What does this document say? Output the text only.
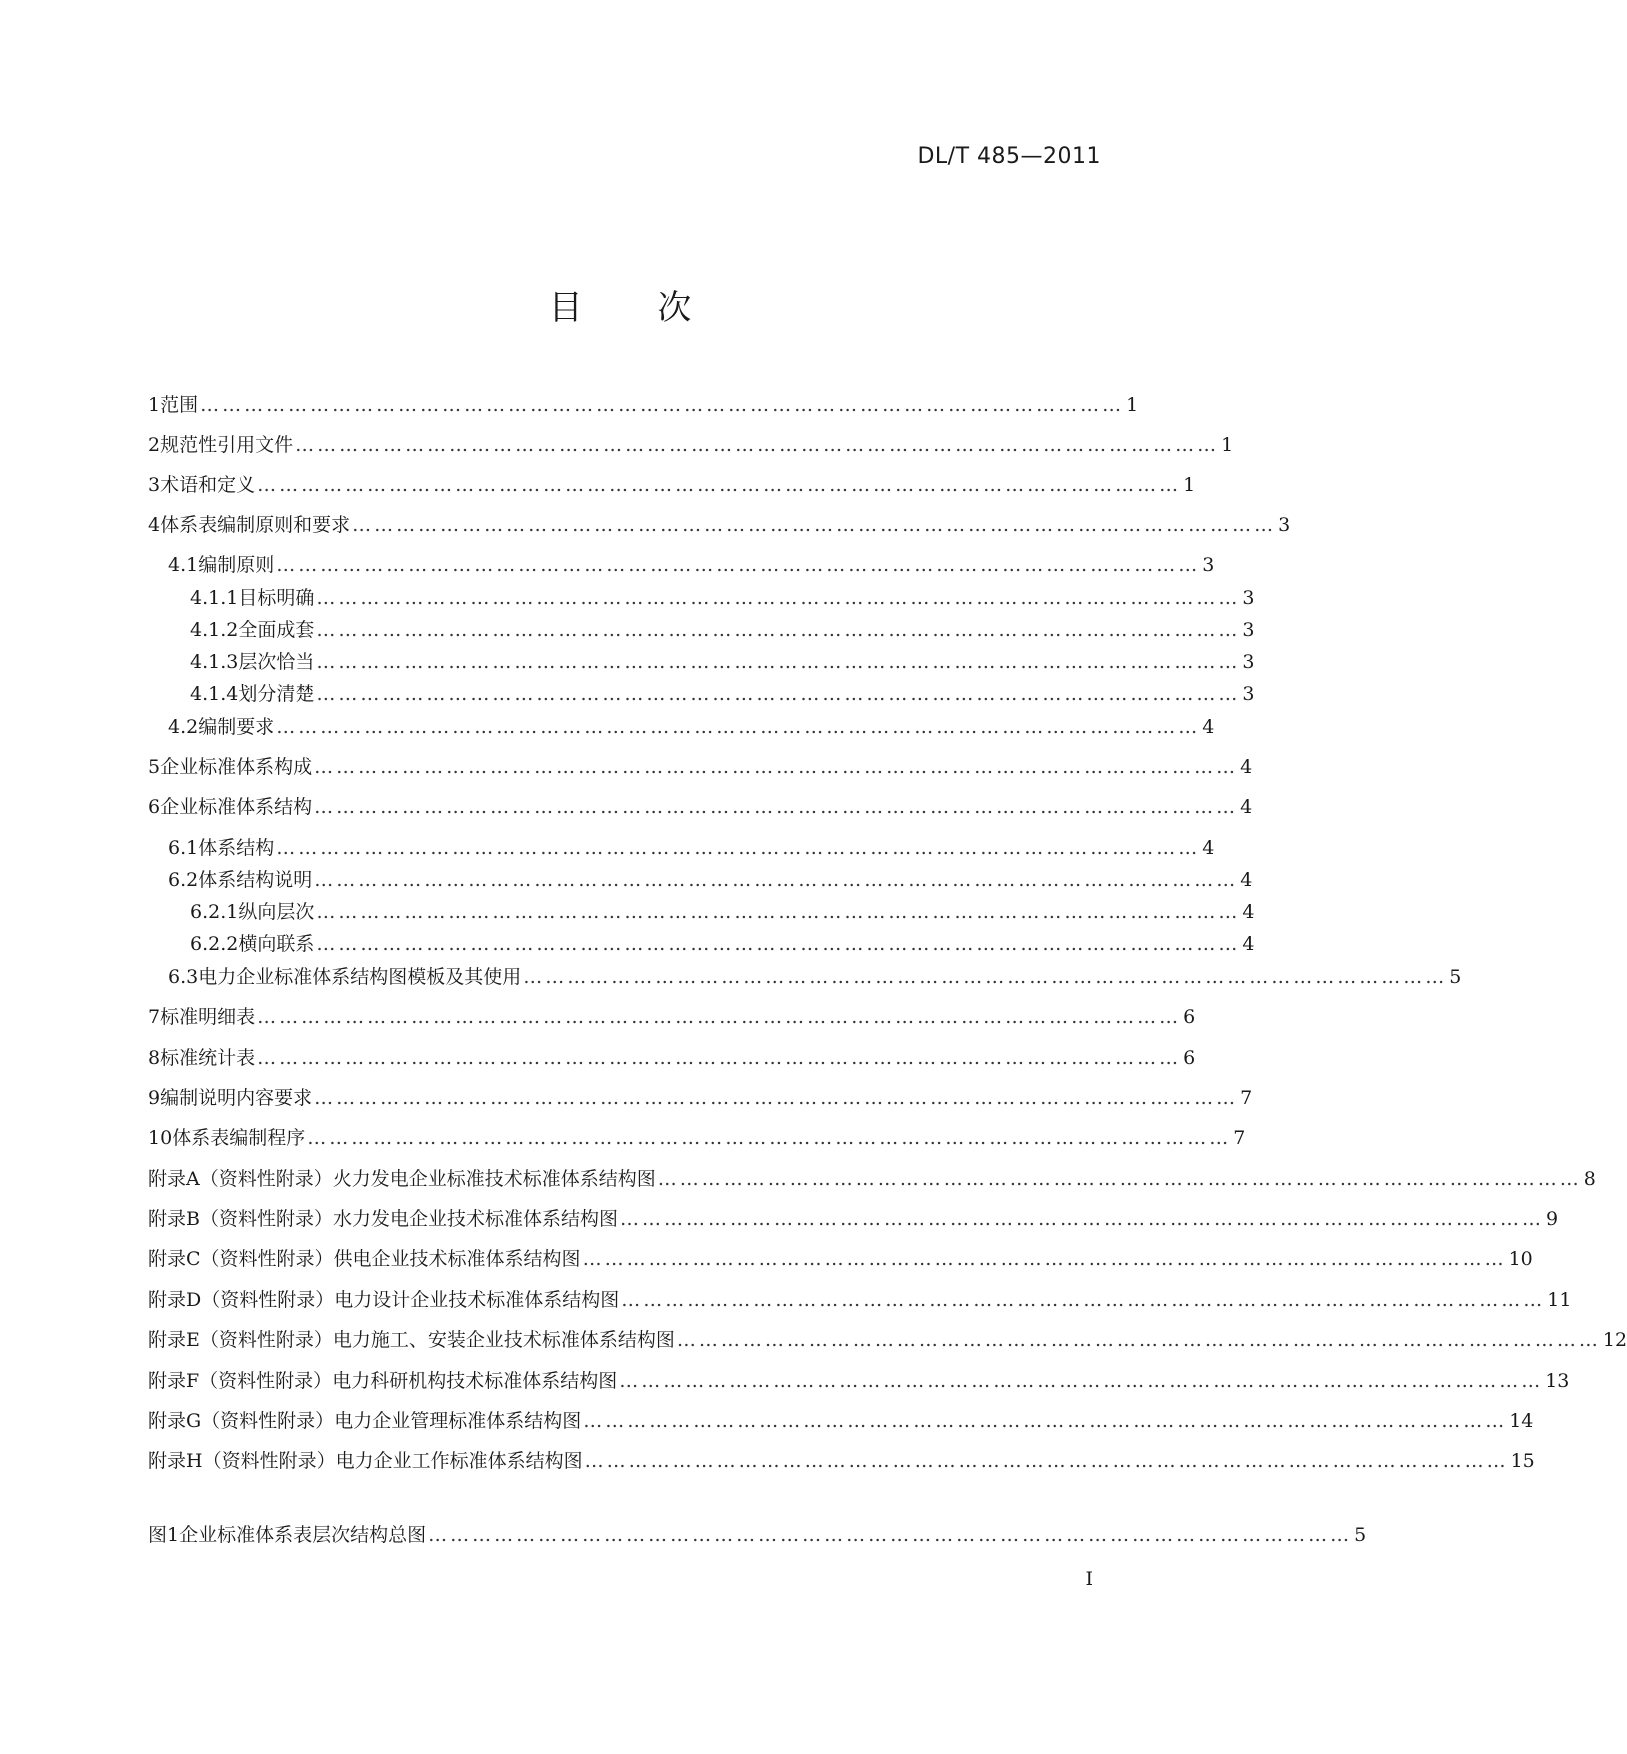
DL/T 485—2011
目 次
1 范围 ……………………………………………………………………………………………………………… 1
2 规范性引用文件 ……………………………………………………………………………………………………………… 1
3 术语和定义 ……………………………………………………………………………………………………………… 1
4 体系表编制原则和要求 ……………………………………………………………………………………………………………… 3
4.1 编制原则 ……………………………………………………………………………………………………………… 3
4.1.1 目标明确 ……………………………………………………………………………………………………………… 3
4.1.2 全面成套 ……………………………………………………………………………………………………………… 3
4.1.3 层次恰当 ……………………………………………………………………………………………………………… 3
4.1.4 划分清楚 ……………………………………………………………………………………………………………… 3
4.2 编制要求 ……………………………………………………………………………………………………………… 4
5 企业标准体系构成 ……………………………………………………………………………………………………………… 4
6 企业标准体系结构 ……………………………………………………………………………………………………………… 4
6.1 体系结构 ……………………………………………………………………………………………………………… 4
6.2 体系结构说明 ……………………………………………………………………………………………………………… 4
6.2.1 纵向层次 ……………………………………………………………………………………………………………… 4
6.2.2 横向联系 ……………………………………………………………………………………………………………… 4
6.3 电力企业标准体系结构图模板及其使用 ……………………………………………………………………………………………………………… 5
7 标准明细表 ……………………………………………………………………………………………………………… 6
8 标准统计表 ……………………………………………………………………………………………………………… 6
9 编制说明内容要求 ……………………………………………………………………………………………………………… 7
10 体系表编制程序 ……………………………………………………………………………………………………………… 7
附录A（资料性附录） 火力发电企业标准技术标准体系结构图 ……………………………………………………………………………………………………………… 8
附录B（资料性附录） 水力发电企业技术标准体系结构图 ……………………………………………………………………………………………………………… 9
附录C（资料性附录） 供电企业技术标准体系结构图 ……………………………………………………………………………………………………………… 10
附录D（资料性附录） 电力设计企业技术标准体系结构图 ……………………………………………………………………………………………………………… 11
附录E（资料性附录） 电力施工、安装企业技术标准体系结构图 ……………………………………………………………………………………………………………… 12
附录F（资料性附录） 电力科研机构技术标准体系结构图 ……………………………………………………………………………………………………………… 13
附录G（资料性附录） 电力企业管理标准体系结构图 ……………………………………………………………………………………………………………… 14
附录H（资料性附录） 电力企业工作标准体系结构图 ……………………………………………………………………………………………………………… 15
图1 企业标准体系表层次结构总图 ……………………………………………………………………………………………………………… 5
I
